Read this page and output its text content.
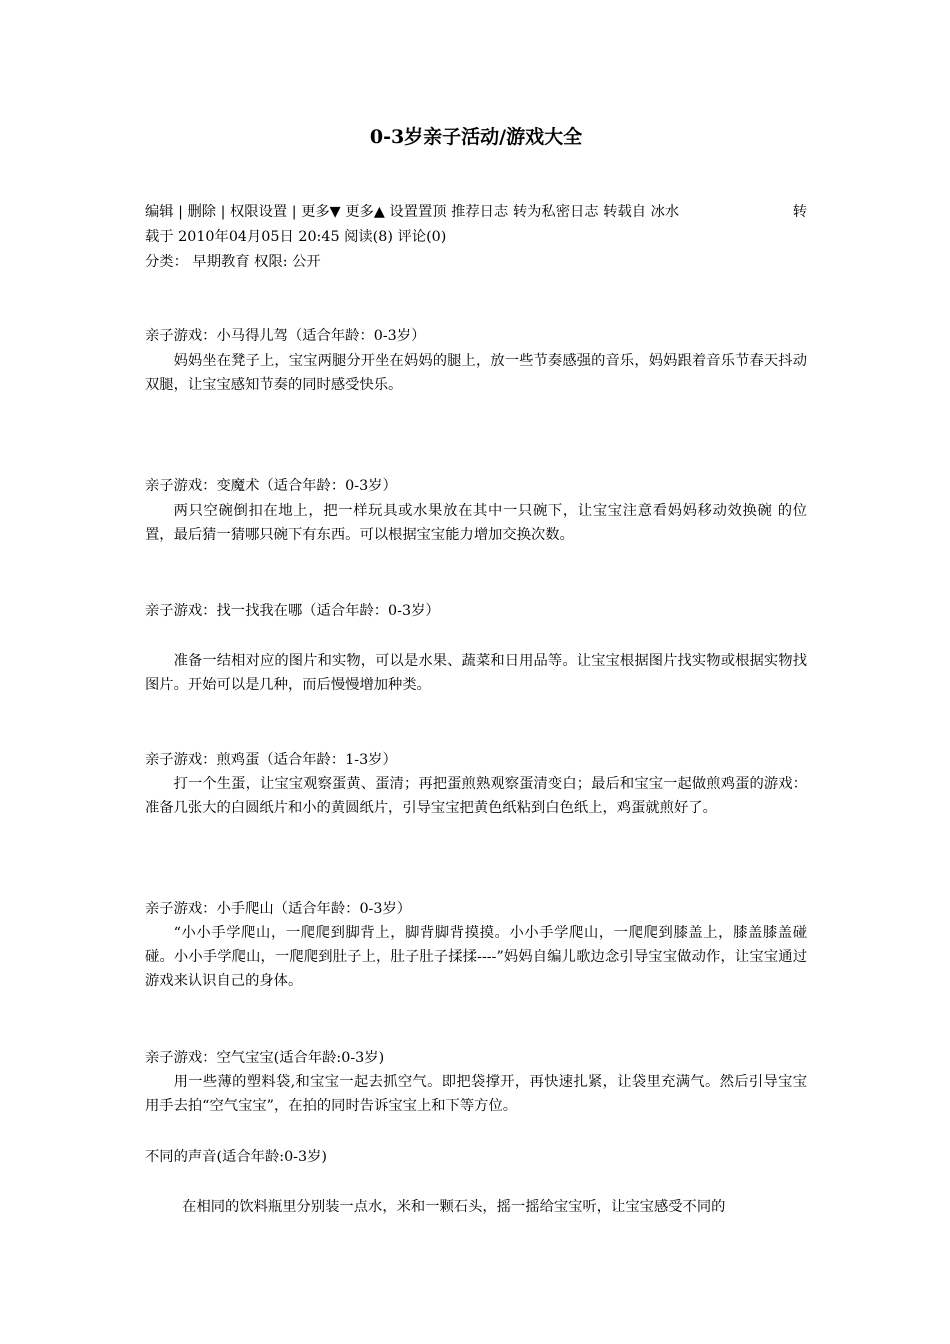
0-3岁亲子活动/游戏大全
编辑 | 删除 | 权限设置 | 更多▼ 更多▲ 设置置顶 推荐日志 转为私密日志 转载自 冰水	转
载于 2010年04月05日 20:45 阅读(8) 评论(0)
分类： 早期教育 权限: 公开
亲子游戏：小马得儿驾（适合年龄：0-3岁）
妈妈坐在凳子上，宝宝两腿分开坐在妈妈的腿上，放一些节奏感强的音乐，妈妈跟着音乐节春天抖动双腿，让宝宝感知节奏的同时感受快乐。
亲子游戏：变魔术（适合年龄：0-3岁）
两只空碗倒扣在地上，把一样玩具或水果放在其中一只碗下，让宝宝注意看妈妈移动效换碗 的位置，最后猜一猜哪只碗下有东西。可以根据宝宝能力增加交换次数。
亲子游戏：找一找我在哪（适合年龄：0-3岁）
准备一结相对应的图片和实物，可以是水果、蔬菜和日用品等。让宝宝根据图片找实物或根据实物找图片。开始可以是几种，而后慢慢增加种类。
亲子游戏：煎鸡蛋（适合年龄：1-3岁）
打一个生蛋，让宝宝观察蛋黄、蛋清；再把蛋煎熟观察蛋清变白；最后和宝宝一起做煎鸡蛋的游戏：准备几张大的白圆纸片和小的黄圆纸片，引导宝宝把黄色纸粘到白色纸上，鸡蛋就煎好了。
亲子游戏：小手爬山（适合年龄：0-3岁）
“小小手学爬山，一爬爬到脚背上，脚背脚背摸摸。小小手学爬山，一爬爬到膝盖上，膝盖膝盖碰碰。小小手学爬山，一爬爬到肚子上，肚子肚子揉揉----”妈妈自编儿歌边念引导宝宝做动作，让宝宝通过游戏来认识自己的身体。
亲子游戏：空气宝宝(适合年龄:0-3岁)
用一些薄的塑料袋,和宝宝一起去抓空气。即把袋撑开，再快速扎紧，让袋里充满气。然后引导宝宝用手去拍“空气宝宝”，在拍的同时告诉宝宝上和下等方位。
不同的声音(适合年龄:0-3岁)
在相同的饮料瓶里分别装一点水，米和一颗石头，摇一摇给宝宝听，让宝宝感受不同的
